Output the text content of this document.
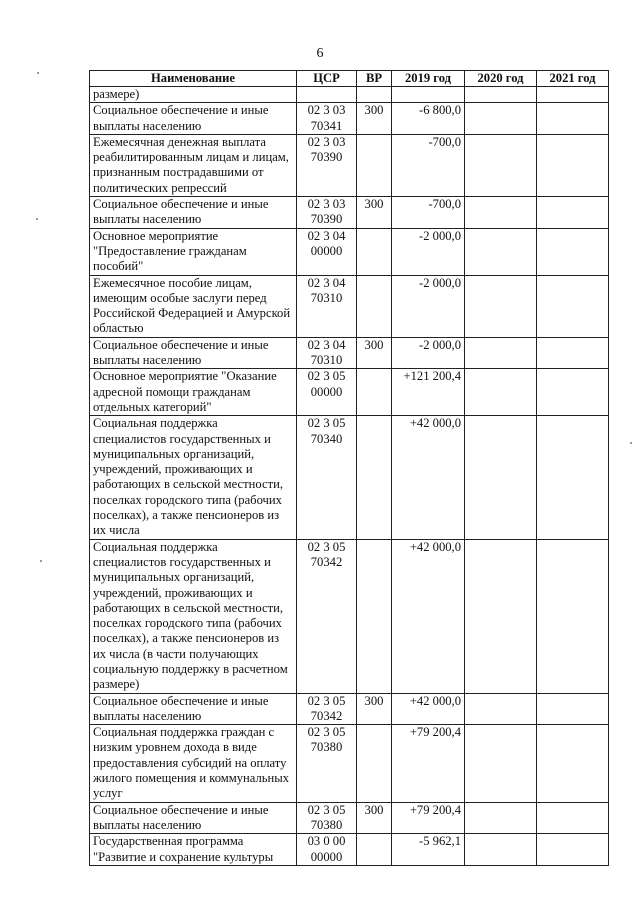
6
Наименование	ЦСР	ВР	2019 год	2020 год	2021 год
размере)					
Социальное обеспечение и иные выплаты населению	02 3 03 70341	300	-6 800,0		
Ежемесячная денежная выплата реабилитированным лицам и лицам, признанным пострадавшими от политических репрессий	02 3 03 70390		-700,0		
Социальное обеспечение и иные выплаты населению	02 3 03 70390	300	-700,0		
Основное мероприятие "Предоставление гражданам пособий"	02 3 04 00000		-2 000,0		
Ежемесячное пособие лицам, имеющим особые заслуги перед Российской Федерацией и Амурской областью	02 3 04 70310		-2 000,0		
Социальное обеспечение и иные выплаты населению	02 3 04 70310	300	-2 000,0		
Основное мероприятие "Оказание адресной помощи гражданам отдельных категорий"	02 3 05 00000		+121 200,4		
Социальная поддержка специалистов государственных и муниципальных организаций, учреждений, проживающих и работающих в сельской местности, поселках городского типа (рабочих поселках), а также пенсионеров из их числа	02 3 05 70340		+42 000,0		
Социальная поддержка специалистов государственных и муниципальных организаций, учреждений, проживающих и работающих в сельской местности, поселках городского типа (рабочих поселках), а также пенсионеров из их числа (в части получающих социальную поддержку в расчетном размере)	02 3 05 70342		+42 000,0		
Социальное обеспечение и иные выплаты населению	02 3 05 70342	300	+42 000,0		
Социальная поддержка граждан с низким уровнем дохода в виде предоставления субсидий на оплату жилого помещения и коммунальных услуг	02 3 05 70380		+79 200,4		
Социальное обеспечение и иные выплаты населению	02 3 05 70380	300	+79 200,4		
Государственная программа "Развитие и сохранение культуры	03 0 00 00000		-5 962,1		
